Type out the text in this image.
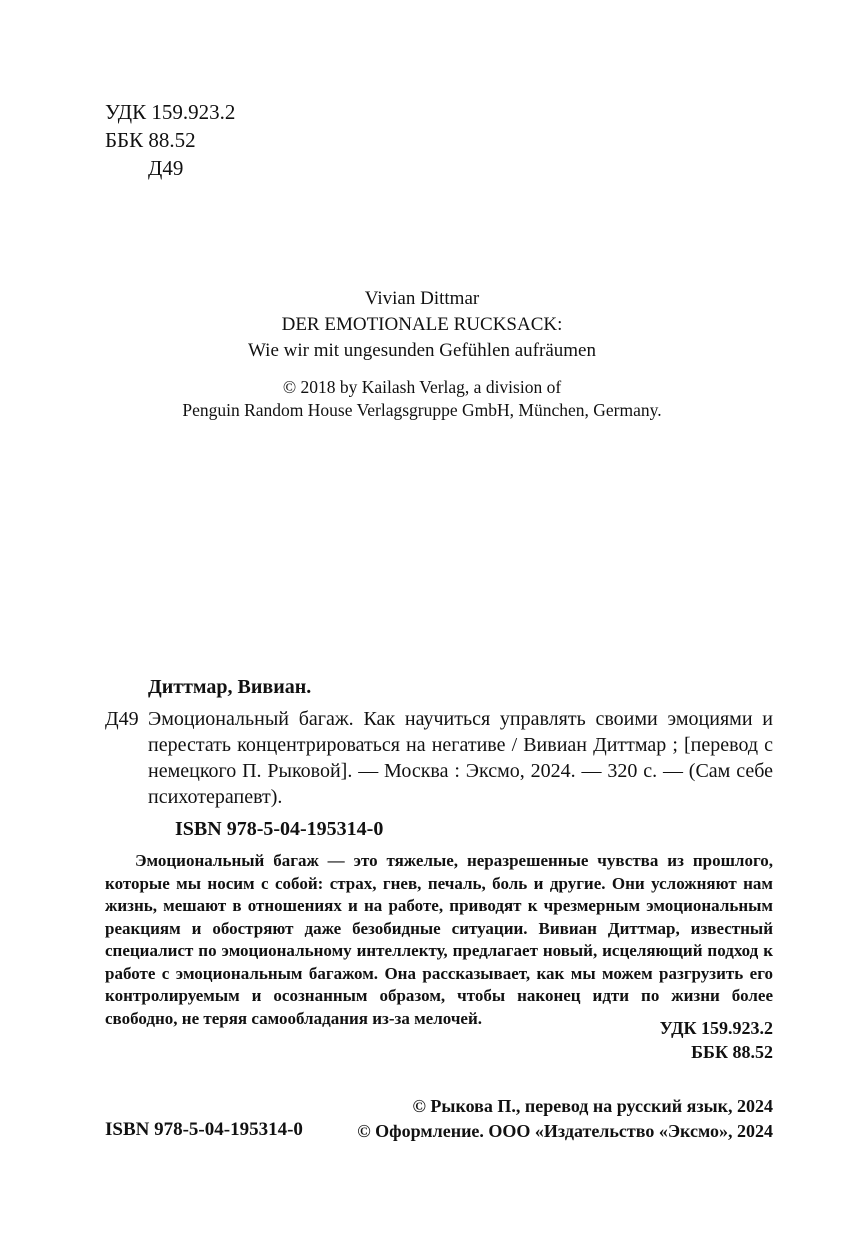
УДК 159.923.2
ББК 88.52
Д49
Vivian Dittmar
DER EMOTIONALE RUCKSACK:
Wie wir mit ungesunden Gefühlen aufräumen
© 2018 by Kailash Verlag, a division of
Penguin Random House Verlagsgruppe GmbH, München, Germany.
Диттмар, Вивиан.
Д49 Эмоциональный багаж. Как научиться управлять своими эмоциями и перестать концентрироваться на негативе / Вивиан Диттмар ; [перевод с немецкого П. Рыковой]. — Москва : Эксмо, 2024. — 320 с. — (Сам себе психотерапевт).
ISBN 978-5-04-195314-0
Эмоциональный багаж — это тяжелые, неразрешенные чувства из прошлого, которые мы носим с собой: страх, гнев, печаль, боль и другие. Они усложняют нам жизнь, мешают в отношениях и на работе, приводят к чрезмерным эмоциональным реакциям и обостряют даже безобидные ситуации. Вивиан Диттмар, известный специалист по эмоциональному интеллекту, предлагает новый, исцеляющий подход к работе с эмоциональным багажом. Она рассказывает, как мы можем разгрузить его контролируемым и осознанным образом, чтобы наконец идти по жизни более свободно, не теряя самообладания из-за мелочей.	УДК 159.923.2
ББК 88.52
ISBN 978-5-04-195314-0
© Рыкова П., перевод на русский язык, 2024
© Оформление. ООО «Издательство «Эксмо», 2024
